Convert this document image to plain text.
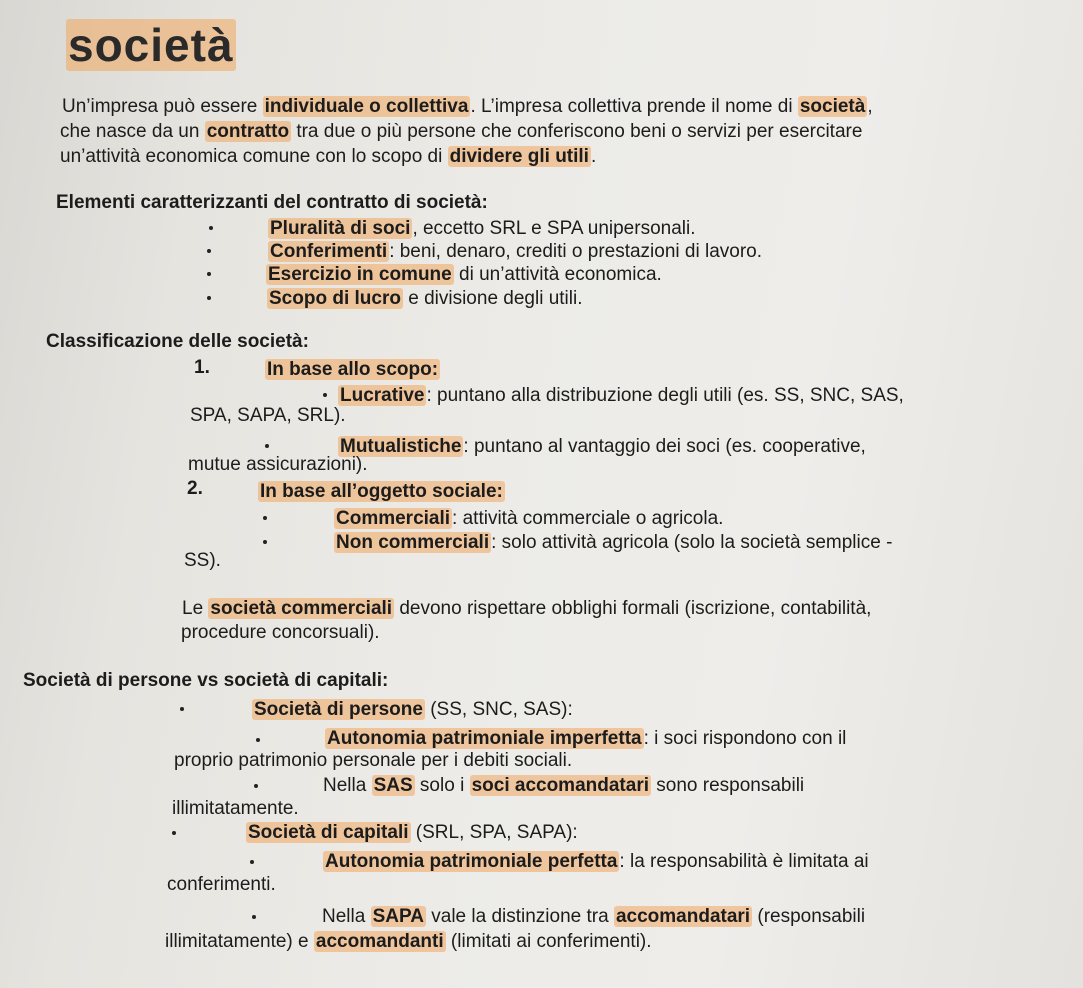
società
Un’impresa può essere individuale o collettiva . L’impresa collettiva prende il nome di società ,
che nasce da un contratto tra due o più persone che conferiscono beni o servizi per esercitare
un’attività economica comune con lo scopo di dividere gli utili .
Elementi caratterizzanti del contratto di società:
Pluralità di soci , eccetto SRL e SPA unipersonali.
Conferimenti : beni, denaro, crediti o prestazioni di lavoro.
Esercizio in comune di un’attività economica.
Scopo di lucro e divisione degli utili.
Classificazione delle società:
1.	In base allo scopo:
Lucrative : puntano alla distribuzione degli utili (es. SS, SNC, SAS,
SPA, SAPA, SRL).
Mutualistiche : puntano al vantaggio dei soci (es. cooperative,
mutue assicurazioni).
2.	In base all’oggetto sociale:
Commerciali : attività commerciale o agricola.
Non commerciali : solo attività agricola (solo la società semplice -
SS).
Le società commerciali devono rispettare obblighi formali (iscrizione, contabilità,
procedure concorsuali).
Società di persone vs società di capitali:
Società di persone (SS, SNC, SAS):
Autonomia patrimoniale imperfetta : i soci rispondono con il
proprio patrimonio personale per i debiti sociali.
Nella SAS solo i soci accomandatari sono responsabili
illimitatamente.
Società di capitali (SRL, SPA, SAPA):
Autonomia patrimoniale perfetta : la responsabilità è limitata ai
conferimenti.
Nella SAPA vale la distinzione tra accomandatari (responsabili
illimitatamente) e accomandanti (limitati ai conferimenti).
